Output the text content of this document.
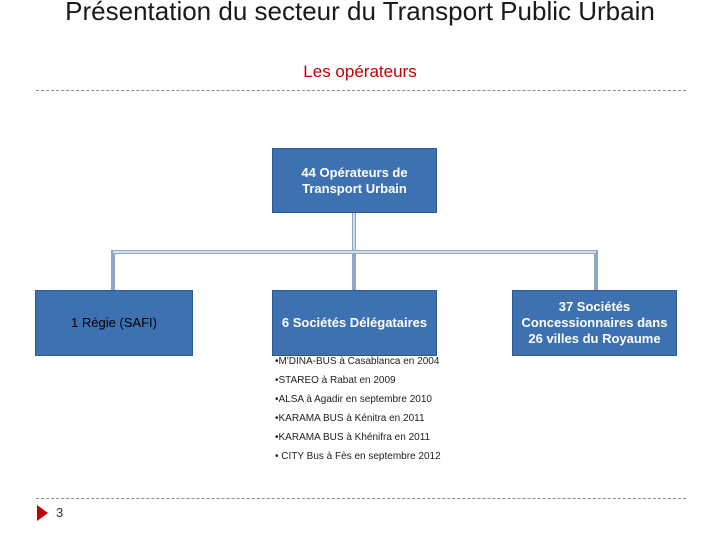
Présentation du secteur du Transport Public Urbain
Les opérateurs
44 Opérateurs de Transport Urbain
1 Régie (SAFI)	6 Sociétés Délégataires
37 Sociétés Concessionnaires dans 26 villes du Royaume
• M'DINA-BUS à Casablanca en 2004
• STAREO à Rabat en 2009
• ALSA à Agadir en septembre 2010
• KARAMA BUS à Kénitra en 2011
• KARAMA BUS à Khénifra en 2011
• CITY Bus à Fès en septembre 2012
3
